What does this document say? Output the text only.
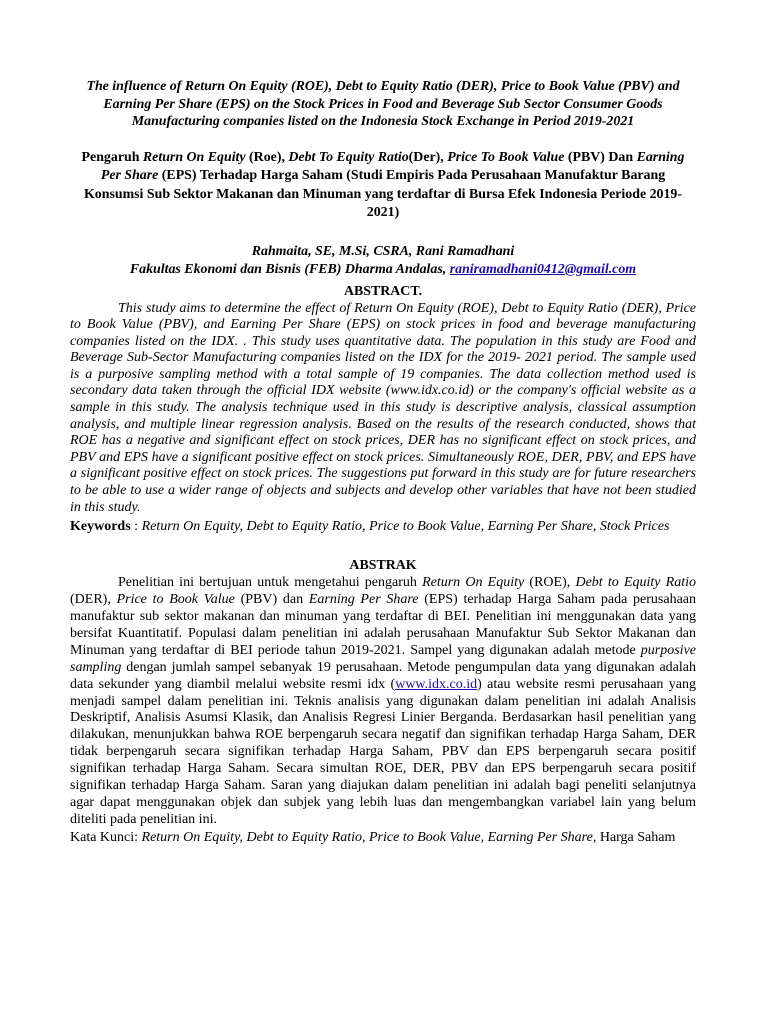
The influence of Return On Equity (ROE), Debt to Equity Ratio (DER), Price to Book Value (PBV) and Earning Per Share (EPS) on the Stock Prices in Food and Beverage Sub Sector Consumer Goods Manufacturing companies listed on the Indonesia Stock Exchange in Period 2019-2021
Pengaruh Return On Equity (Roe), Debt To Equity Ratio(Der), Price To Book Value (PBV) Dan Earning Per Share (EPS) Terhadap Harga Saham (Studi Empiris Pada Perusahaan Manufaktur Barang Konsumsi Sub Sektor Makanan dan Minuman yang terdaftar di Bursa Efek Indonesia Periode 2019-2021)
Rahmaita, SE, M.Si, CSRA, Rani Ramadhani
Fakultas Ekonomi dan Bisnis (FEB) Dharma Andalas, raniramadhani0412@gmail.com
ABSTRACT.

This study aims to determine the effect of Return On Equity (ROE), Debt to Equity Ratio (DER), Price to Book Value (PBV), and Earning Per Share (EPS) on stock prices in food and beverage manufacturing companies listed on the IDX. . This study uses quantitative data. The population in this study are Food and Beverage Sub-Sector Manufacturing companies listed on the IDX for the 2019- 2021 period. The sample used is a purposive sampling method with a total sample of 19 companies. The data collection method used is secondary data taken through the official IDX website (www.idx.co.id) or the company's official website as a sample in this study. The analysis technique used in this study is descriptive analysis, classical assumption analysis, and multiple linear regression analysis. Based on the results of the research conducted, shows that ROE has a negative and significant effect on stock prices, DER has no significant effect on stock prices, and PBV and EPS have a significant positive effect on stock prices. Simultaneously ROE, DER, PBV, and EPS have a significant positive effect on stock prices. The suggestions put forward in this study are for future researchers to be able to use a wider range of objects and subjects and develop other variables that have not been studied in this study.

Keywords : Return On Equity, Debt to Equity Ratio, Price to Book Value, Earning Per Share, Stock Prices
ABSTRAK

Penelitian ini bertujuan untuk mengetahui pengaruh Return On Equity (ROE), Debt to Equity Ratio (DER), Price to Book Value (PBV) dan Earning Per Share (EPS) terhadap Harga Saham pada perusahaan manufaktur sub sektor makanan dan minuman yang terdaftar di BEI. Penelitian ini menggunakan data yang bersifat Kuantitatif. Populasi dalam penelitian ini adalah perusahaan Manufaktur Sub Sektor Makanan dan Minuman yang terdaftar di BEI periode tahun 2019-2021. Sampel yang digunakan adalah metode purposive sampling dengan jumlah sampel sebanyak 19 perusahaan. Metode pengumpulan data yang digunakan adalah data sekunder yang diambil melalui website resmi idx (www.idx.co.id) atau website resmi perusahaan yang menjadi sampel dalam penelitian ini. Teknis analisis yang digunakan dalam penelitian ini adalah Analisis Deskriptif, Analisis Asumsi Klasik, dan Analisis Regresi Linier Berganda. Berdasarkan hasil penelitian yang dilakukan, menunjukkan bahwa ROE berpengaruh secara negatif dan signifikan terhadap Harga Saham, DER tidak berpengaruh secara signifikan terhadap Harga Saham, PBV dan EPS berpengaruh secara positif signifikan terhadap Harga Saham. Secara simultan ROE, DER, PBV dan EPS berpengaruh secara positif signifikan terhadap Harga Saham. Saran yang diajukan dalam penelitian ini adalah bagi peneliti selanjutnya agar dapat menggunakan objek dan subjek yang lebih luas dan mengembangkan variabel lain yang belum diteliti pada penelitian ini.

Kata Kunci: Return On Equity, Debt to Equity Ratio, Price to Book Value, Earning Per Share, Harga Saham
